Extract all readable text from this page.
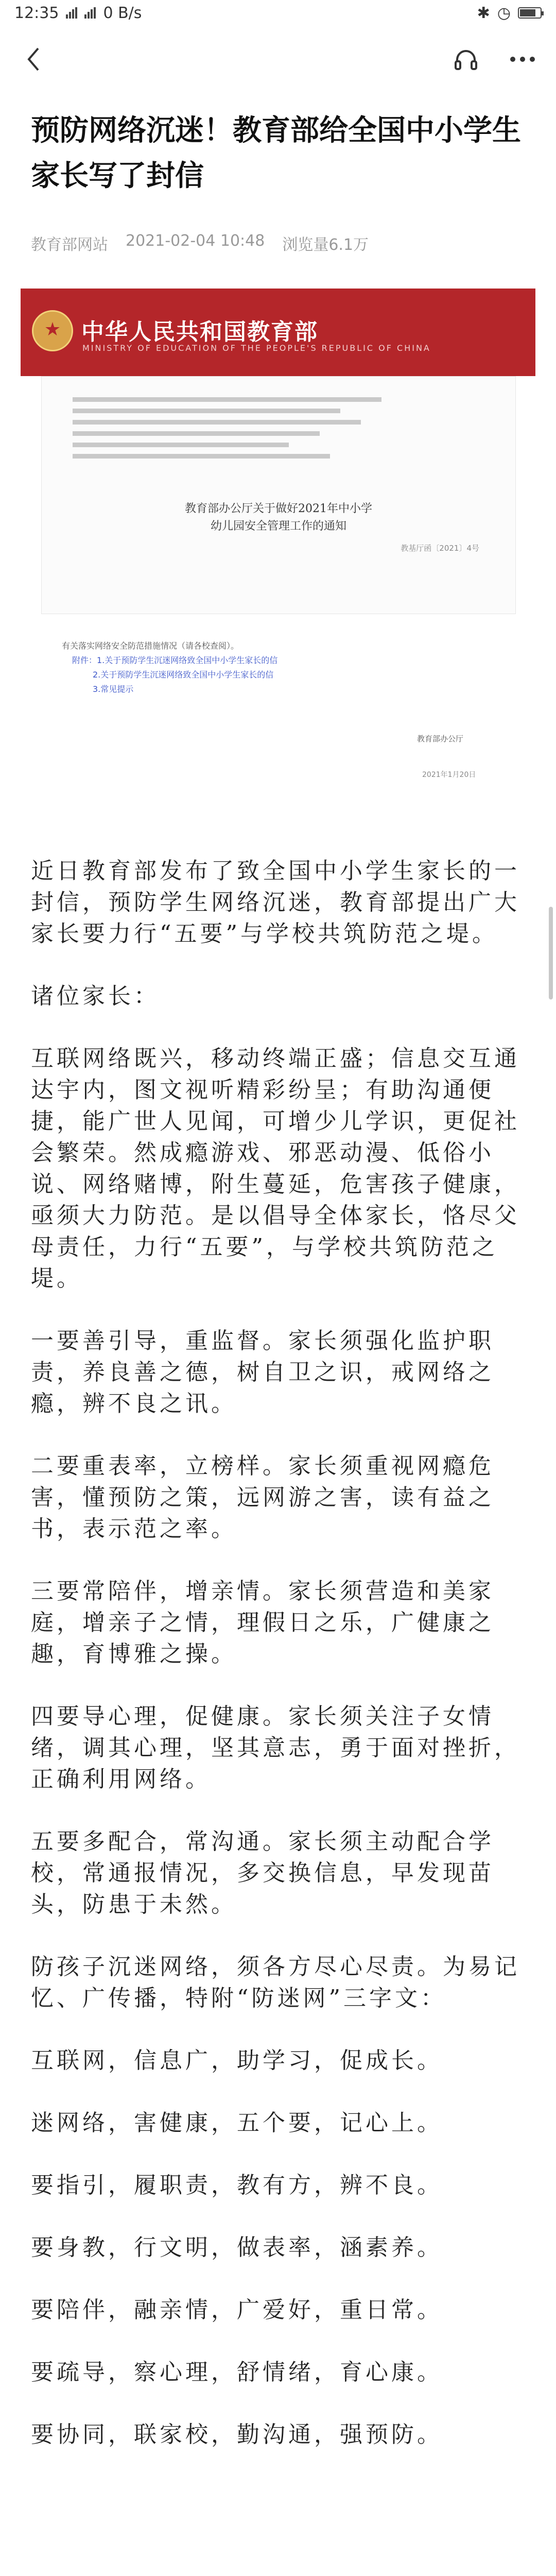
12:35	0 B/s	✱ ◷
预防网络沉迷！教育部给全国中小学生家长写了封信
教育部网站 2021-02-04 10:48 浏览量6.1万
★
中华人民共和国教育部
MINISTRY OF EDUCATION OF THE PEOPLE'S REPUBLIC OF CHINA
教育部办公厅关于做好2021年中小学
幼儿园安全管理工作的通知
教基厅函〔2021〕4号
有关落实网络安全防范措施情况（请各校查阅）。
附件：1.关于预防学生沉迷网络致全国中小学生家长的信
2.关于预防学生沉迷网络致全国中小学生家长的信
3.常见提示
教育部办公厅
2021年1月20日

近日教育部发布了致全国中小学生家长的一封信，预防学生网络沉迷，教育部提出广大家长要力行“五要”与学校共筑防范之堤。

诸位家长：

互联网络既兴，移动终端正盛；信息交互通达宇内，图文视听精彩纷呈；有助沟通便捷，能广世人见闻，可增少儿学识，更促社会繁荣。然成瘾游戏、邪恶动漫、低俗小说、网络赌博，附生蔓延，危害孩子健康，亟须大力防范。是以倡导全体家长，恪尽父母责任，力行“五要”，与学校共筑防范之堤。

一要善引导，重监督。家长须强化监护职责，养良善之德，树自卫之识，戒网络之瘾，辨不良之讯。

二要重表率，立榜样。家长须重视网瘾危害，懂预防之策，远网游之害，读有益之书，表示范之率。

三要常陪伴，增亲情。家长须营造和美家庭，增亲子之情，理假日之乐，广健康之趣，育博雅之操。

四要导心理，促健康。家长须关注子女情绪，调其心理，坚其意志，勇于面对挫折，正确利用网络。

五要多配合，常沟通。家长须主动配合学校，常通报情况，多交换信息，早发现苗头，防患于未然。

防孩子沉迷网络，须各方尽心尽责。为易记忆、广传播，特附“防迷网”三字文：

互联网，信息广，助学习，促成长。

迷网络，害健康，五个要，记心上。

要指引，履职责，教有方，辨不良。

要身教，行文明，做表率，涵素养。

要陪伴，融亲情，广爱好，重日常。

要疏导，察心理，舒情绪，育心康。

要协同，联家校，勤沟通，强预防。
